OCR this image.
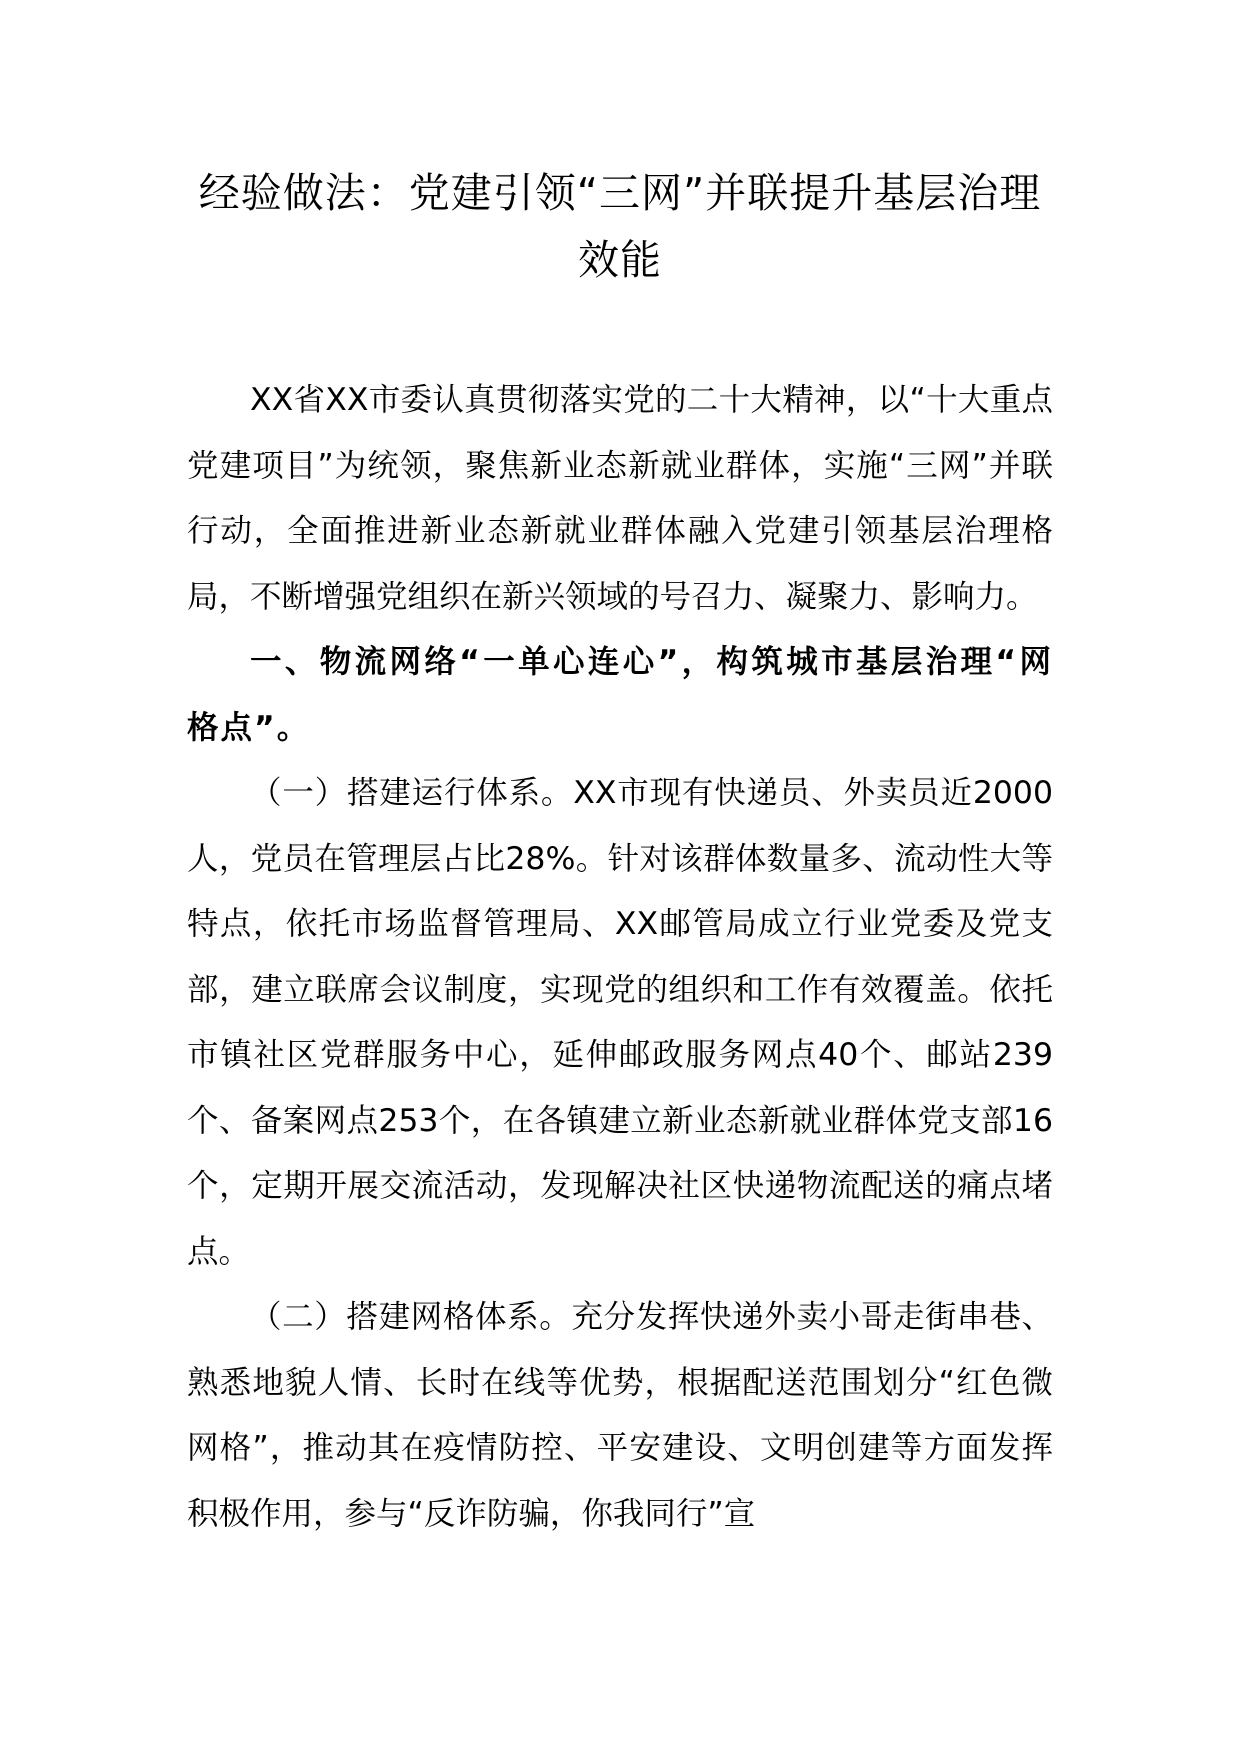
经验做法：党建引领“三网”并联提升基层治理效能

XX省XX市委认真贯彻落实党的二十大精神，以“十大重点党建项目”为统领，聚焦新业态新就业群体，实施“三网”并联行动，全面推进新业态新就业群体融入党建引领基层治理格局，不断增强党组织在新兴领域的号召力、凝聚力、影响力。

一、物流网络“一单心连心”，构筑城市基层治理“网格点”。

（一）搭建运行体系。XX市现有快递员、外卖员近2000人，党员在管理层占比28%。针对该群体数量多、流动性大等特点，依托市场监督管理局、XX邮管局成立行业党委及党支部，建立联席会议制度，实现党的组织和工作有效覆盖。依托市镇社区党群服务中心，延伸邮政服务网点40个、邮站239个、备案网点253个，在各镇建立新业态新就业群体党支部16个，定期开展交流活动，发现解决社区快递物流配送的痛点堵点。

（二）搭建网格体系。充分发挥快递外卖小哥走街串巷、熟悉地貌人情、长时在线等优势，根据配送范围划分“红色微网格”，推动其在疫情防控、平安建设、文明创建等方面发挥积极作用，参与“反诈防骗，你我同行”宣
